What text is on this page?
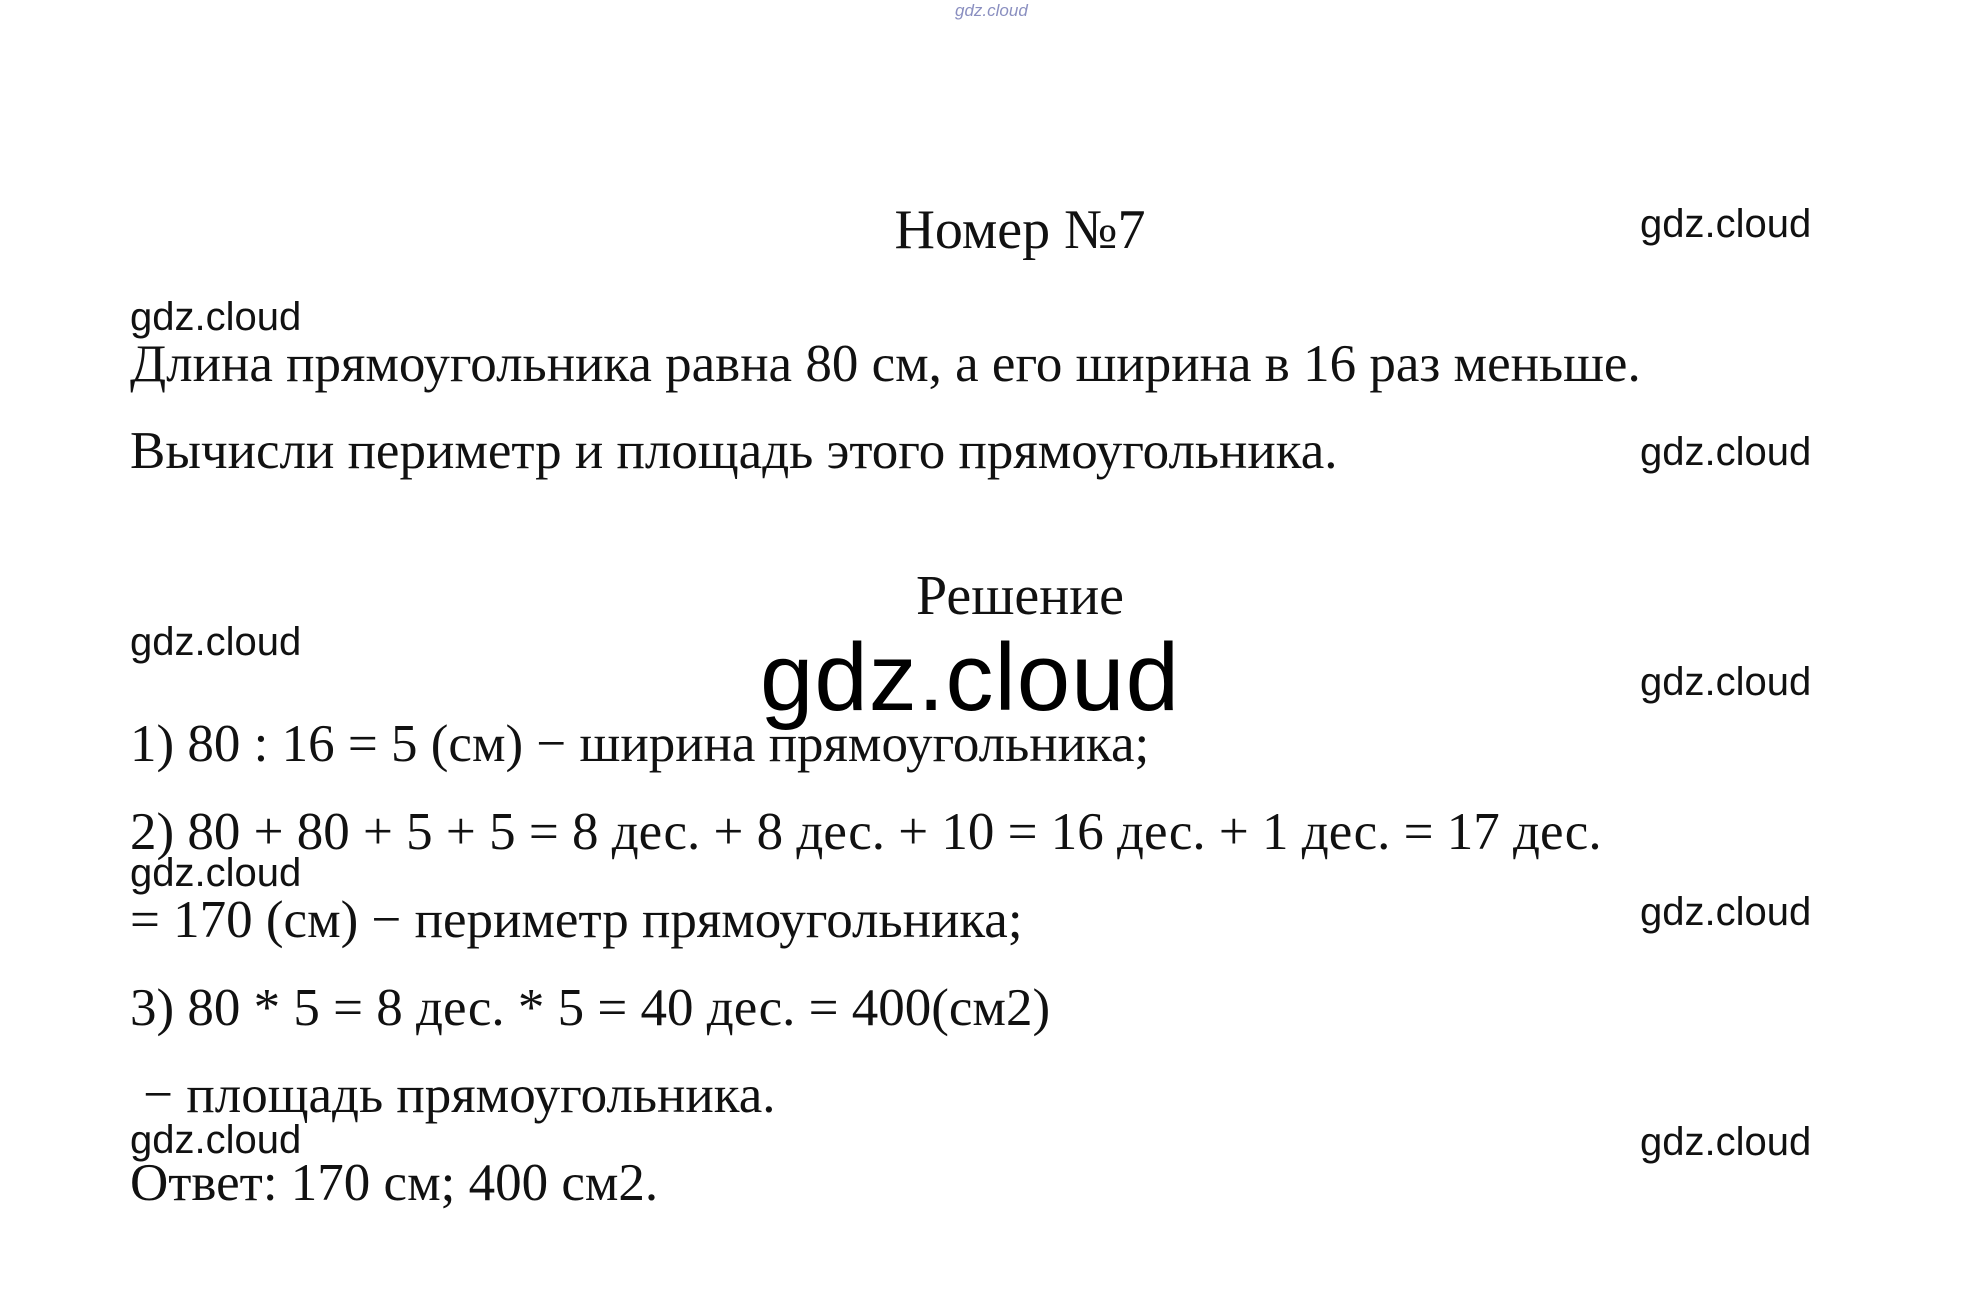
gdz.cloud
Номер №7
Длина прямоугольника равна 80 см, а его ширина в 16 раз меньше.
Вычисли периметр и площадь этого прямоугольника.
Решение
1) 80 : 16 = 5 (см) − ширина прямоугольника;
2) 80 + 80 + 5 + 5 = 8 дес. + 8 дес. + 10 = 16 дес. + 1 дес. = 17 дес.
= 170 (см) − периметр прямоугольника;
3) 80 * 5 = 8 дес. * 5 = 40 дес. = 400(см2)
− площадь прямоугольника.
Ответ: 170 см; 400 см2.
gdz.cloud
gdz.cloud
gdz.cloud
gdz.cloud
gdz.cloud
gdz.cloud
gdz.cloud
gdz.cloud	gdz.cloud
gdz.cloud
